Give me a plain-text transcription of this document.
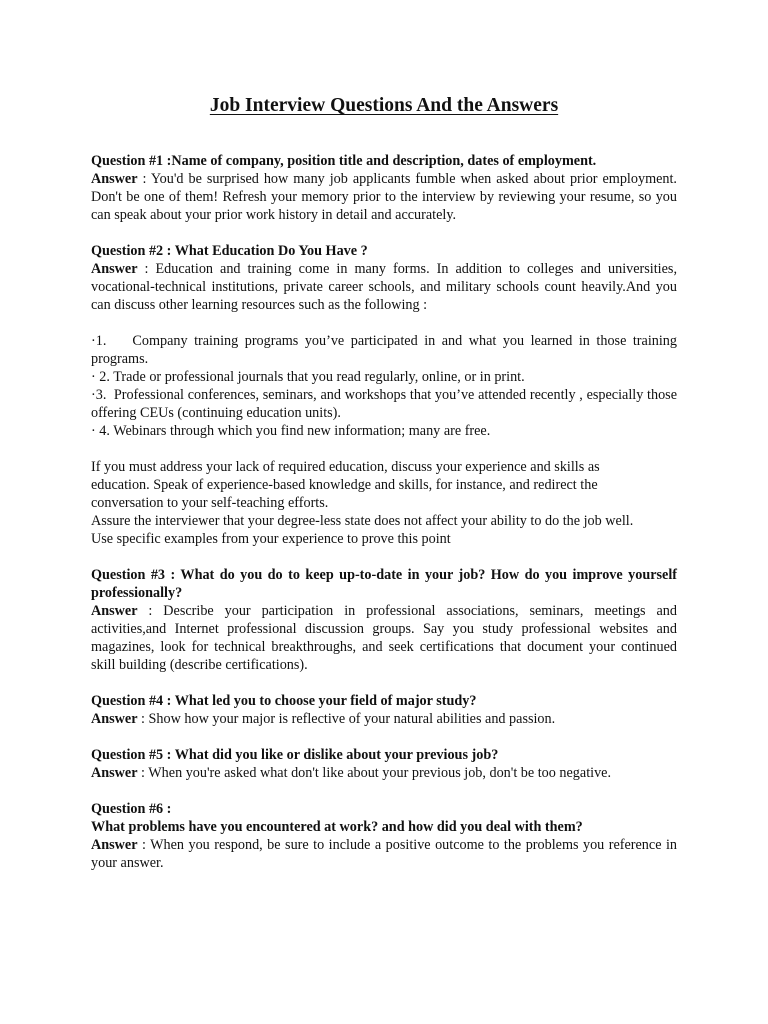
Job Interview Questions And the Answers

Question #1 :Name of company, position title and description, dates of employment.

Answer : You'd be surprised how many job applicants fumble when asked about prior employment. Don't be one of them! Refresh your memory prior to the interview by reviewing your resume, so you can speak about your prior work history in detail and accurately.

Question #2 : What Education Do You Have ?

Answer : Education and training come in many forms. In addition to colleges and universities, vocational-technical institutions, private career schools, and military schools count heavily.And you can discuss other learning resources such as the following :

·1.    Company training programs you’ve participated in and what you learned in those training programs.

· 2. Trade or professional journals that you read regularly, online, or in print.

·3.  Professional conferences, seminars, and workshops that you’ve attended recently , especially those offering CEUs (continuing education units).

· 4. Webinars through which you find new information; many are free.

If you must address your lack of required education, discuss your experience and skills as education. Speak of experience-based knowledge and skills, for instance, and redirect the conversation to your self-teaching efforts.

Assure the interviewer that your degree-less state does not affect your ability to do the job well. Use specific examples from your experience to prove this point

Question #3 : What do you do to keep up-to-date in your job? How do you improve yourself professionally?

Answer : Describe your participation in professional associations, seminars, meetings and activities,and Internet professional discussion groups. Say you study professional websites and magazines, look for technical breakthroughs, and seek certifications that document your continued skill building (describe certifications).

Question #4 : What led you to choose your field of major study?

Answer : Show how your major is reflective of your natural abilities and passion.

Question #5 : What did you like or dislike about your previous job?

Answer : When you're asked what don't like about your previous job, don't be too negative.

Question #6 :

What problems have you encountered at work? and how did you deal with them?

Answer : When you respond, be sure to include a positive outcome to the problems you reference in your answer.
